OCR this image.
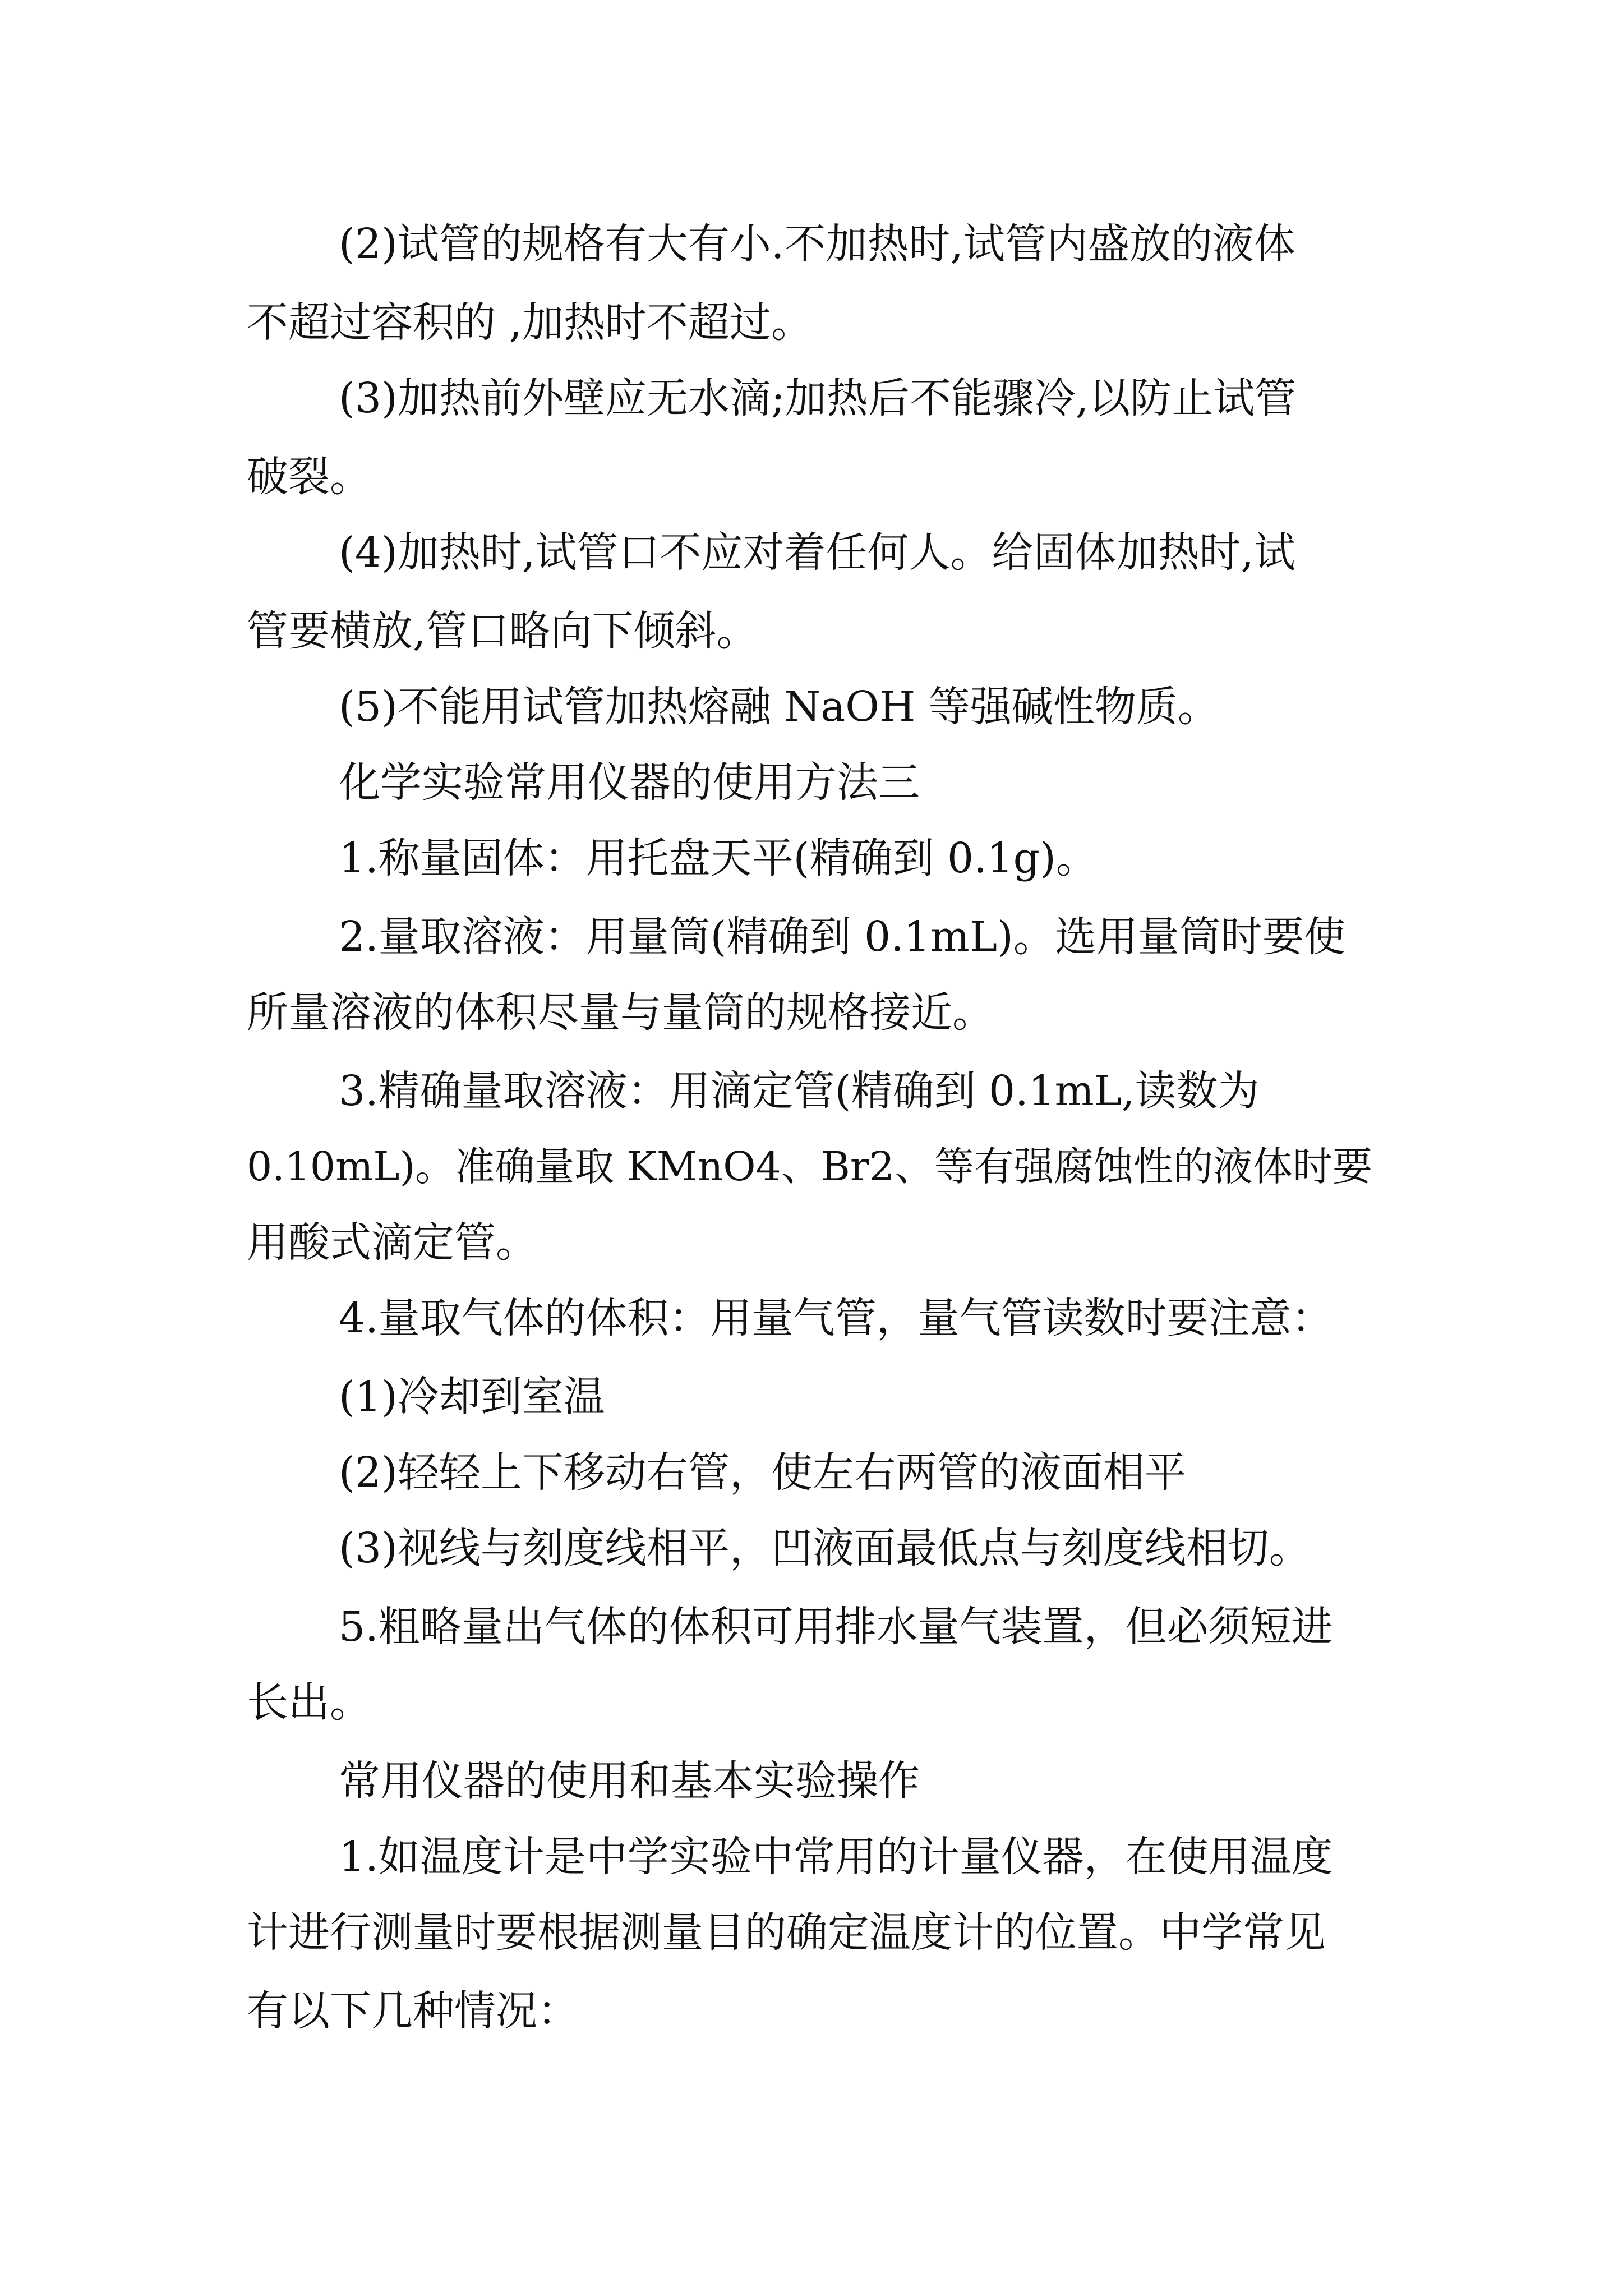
(2)试管的规格有大有小.不加热时,试管内盛放的液体
不超过容积的 ,加热时不超过。
(3)加热前外壁应无水滴;加热后不能骤冷,以防止试管
破裂。
(4)加热时,试管口不应对着任何人。给固体加热时,试
管要横放,管口略向下倾斜。
(5)不能用试管加热熔融 NaOH 等强碱性物质。
化学实验常用仪器的使用方法三
1.称量固体：用托盘天平(精确到 0.1g)。
2.量取溶液：用量筒(精确到 0.1mL)。选用量筒时要使
所量溶液的体积尽量与量筒的规格接近。
3.精确量取溶液：用滴定管(精确到 0.1mL,读数为
0.10mL)。准确量取 KMnO4、Br2、等有强腐蚀性的液体时要
用酸式滴定管。
4.量取气体的体积：用量气管，量气管读数时要注意：
(1)冷却到室温
(2)轻轻上下移动右管，使左右两管的液面相平
(3)视线与刻度线相平，凹液面最低点与刻度线相切。
5.粗略量出气体的体积可用排水量气装置，但必须短进
长出。
常用仪器的使用和基本实验操作
1.如温度计是中学实验中常用的计量仪器，在使用温度
计进行测量时要根据测量目的确定温度计的位置。中学常见
有以下几种情况：
